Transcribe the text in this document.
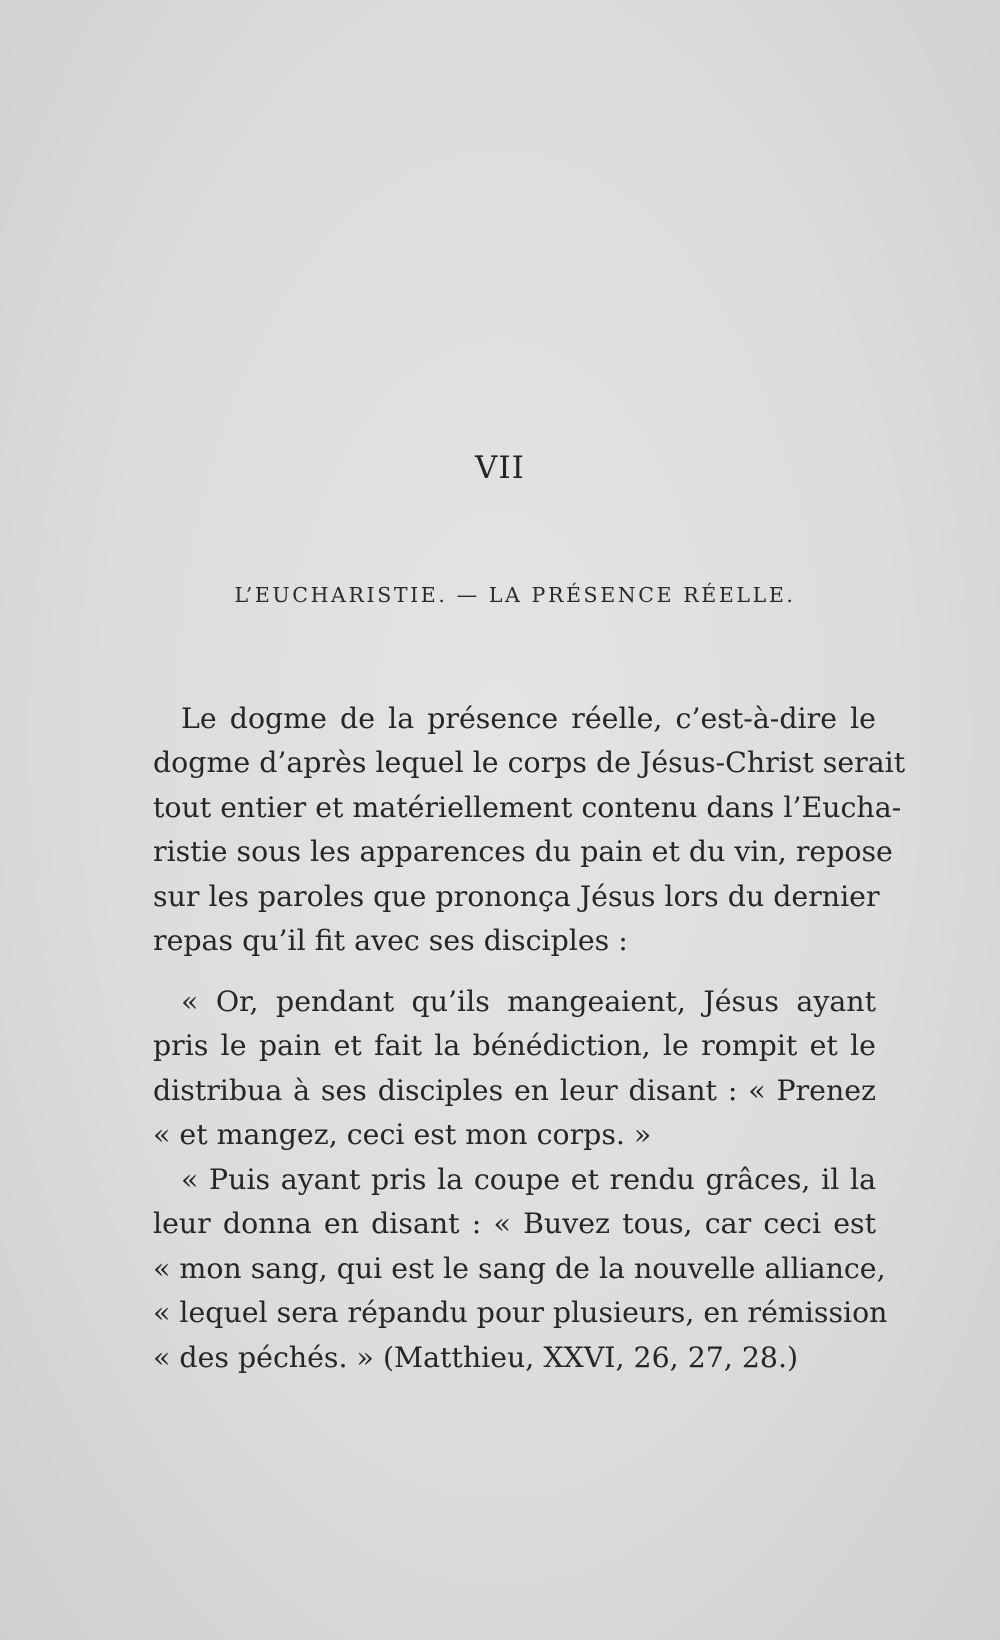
VII
L’EUCHARISTIE. — LA PRÉSENCE RÉELLE.
Le dogme de la présence réelle, c’est-à-dire le
dogme d’après lequel le corps de Jésus-Christ serait
tout entier et matériellement contenu dans l’Eucha-
ristie sous les apparences du pain et du vin, repose
sur les paroles que prononça Jésus lors du dernier
repas qu’il fit avec ses disciples :
« Or, pendant qu’ils mangeaient, Jésus ayant
pris le pain et fait la bénédiction, le rompit et le
distribua à ses disciples en leur disant : « Prenez
« et mangez, ceci est mon corps. »
« Puis ayant pris la coupe et rendu grâces, il la
leur donna en disant : « Buvez tous, car ceci est
« mon sang, qui est le sang de la nouvelle alliance,
« lequel sera répandu pour plusieurs, en rémission
« des péchés. » (Matthieu, XXVI, 26, 27, 28.)
